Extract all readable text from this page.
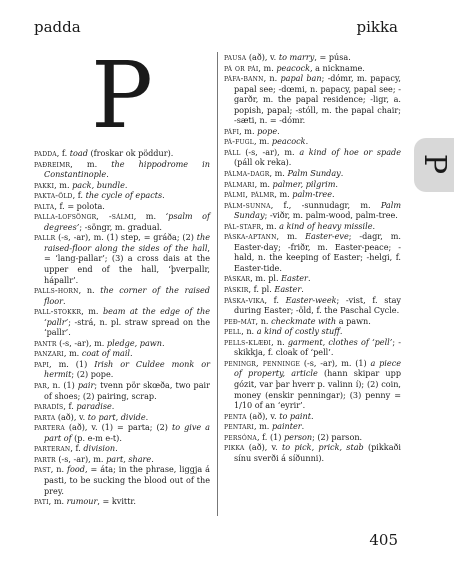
padda	pikka
P
P

padda, f. toad (froskar ok pöddur).

paðreimr, m. the hippodrome in Constantinople.

pakki, m. pack, bundle.

pakta-öld, f. the cycle of epacts.

palta, f. = polota.

palla-lofsöngr, -sálmi, m. ‘psalm of degrees’; -söngr, m. gradual.

pallr (-s, -ar), m. (1) step, = gráða; (2) the raised-floor along the sides of the hall, = ‘lang-pallar’; (3) a cross dais at the upper end of the hall, ‘þverpallr, hápallr’.

palls-horn, n. the corner of the raised floor.

pall-stokkr, m. beam at the edge of the ‘pallr’; -strá, n. pl. straw spread on the ‘pallr’.

pantr (-s, -ar), m. pledge, pawn.

panzari, m. coat of mail.

papi, m. (1) Irish or Culdee monk or hermit; (2) pope.

par, n. (1) pair; tvenn pör skœða, two pair of shoes; (2) pairing, scrap.

paradís, f. paradise.

parta (að), v. to part, divide.

partera (að), v. (1) = parta; (2) to give a part of (p. e-m e-t).

parteran, f. division.

partr (-s, -ar), m. part, share.

past, n. food, = áta; in the phrase, liggja á pasti, to be sucking the blood out of the prey.

pati, m. rumour, = kvittr.

pausa (að), v. to marry, = púsa.

pá or pái, m. peacock, a nickname.

páfa-bann, n. papal ban; -dómr, m. papacy, papal see; -dœmi, n. papacy, papal see; -garðr, m. the papal residence; -ligr, a. popish, papal; -stóll, m. the papal chair; -sæti, n. = -dómr.

páfi, m. pope.

pá-fugl, m. peacock.

páll (-s, -ar), m. a kind of hoe or spade (páll ok reka).

pálma-dagr, m. Palm Sunday.

pálmari, m. palmer, pilgrim.

pálmi, pálmr, m. palm-tree.

pálm-sunna, f., -sunnudagr, m. Palm Sunday; -viðr, m. palm-wood, palm-tree.

pál-stafr, m. a kind of heavy missile.

páska-aptann, m. Easter-eve; -dagr, m. Easter-day; -friðr, m. Easter-peace; -hald, n. the keeping of Easter; -helgi, f. Easter-tide.

páskar, m. pl. Easter.

páskir, f. pl. Easter.

páska-vika, f. Easter-week; -vist, f. stay during Easter; -öld, f. the Paschal Cycle.

peð-mát, n. checkmate with a pawn.

pell, n. a kind of costly stuff.

pells-klæði, n. garment, clothes of ‘pell’; -skikkja, f. cloak of ‘pell’.

peningr, penninge (-s, -ar), m. (1) a piece of property, article (hann skipar upp gózit, var þar hverr p. valinn í); (2) coin, money (enskir penningar); (3) penny = 1/10 of an ‘eyrir’.

penta (að), v. to paint.

pentari, m. painter.

persóna, f. (1) person; (2) parson.

pikka (að), v. to pick, prick, stab (pikkaði sínu sverði á síðunni).

405
